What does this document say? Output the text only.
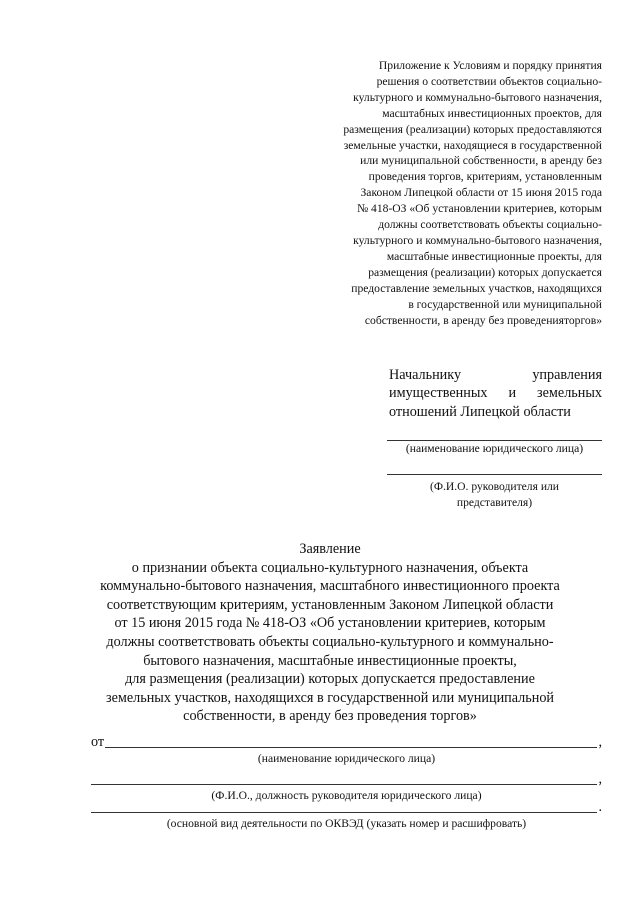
Приложение к Условиям и порядку принятия
решения о соответствии объектов социально-
культурного и коммунально-бытового назначения,
масштабных инвестиционных проектов, для
размещения (реализации) которых предоставляются
земельные участки, находящиеся в государственной
или муниципальной собственности, в аренду без
проведения торгов, критериям, установленным
Законом Липецкой области от 15 июня 2015 года
№ 418-ОЗ «Об установлении критериев, которым
должны соответствовать объекты социально-
культурного и коммунально-бытового назначения,
масштабные инвестиционные проекты, для
размещения (реализации) которых допускается
предоставление земельных участков, находящихся
в государственной или муниципальной
собственности, в аренду без проведенияторгов»
Начальнику	управления
имущественных и земельных
отношений Липецкой области
(наименование юридического лица)
(Ф.И.О. руководителя или
представителя)
Заявление
о признании объекта социально-культурного назначения, объекта
коммунально-бытового назначения, масштабного инвестиционного проекта
соответствующим критериям, установленным Законом Липецкой области
от 15 июня 2015 года № 418-ОЗ «Об установлении критериев, которым
должны соответствовать объекты социально-культурного и коммунально-
бытового назначения, масштабные инвестиционные проекты,
для размещения (реализации) которых допускается предоставление
земельных участков, находящихся в государственной или муниципальной
собственности, в аренду без проведения торгов»
от	,
(наименование юридического лица)
,
(Ф.И.О., должность руководителя юридического лица)
.
(основной вид деятельности по ОКВЭД (указать номер и расшифровать)
